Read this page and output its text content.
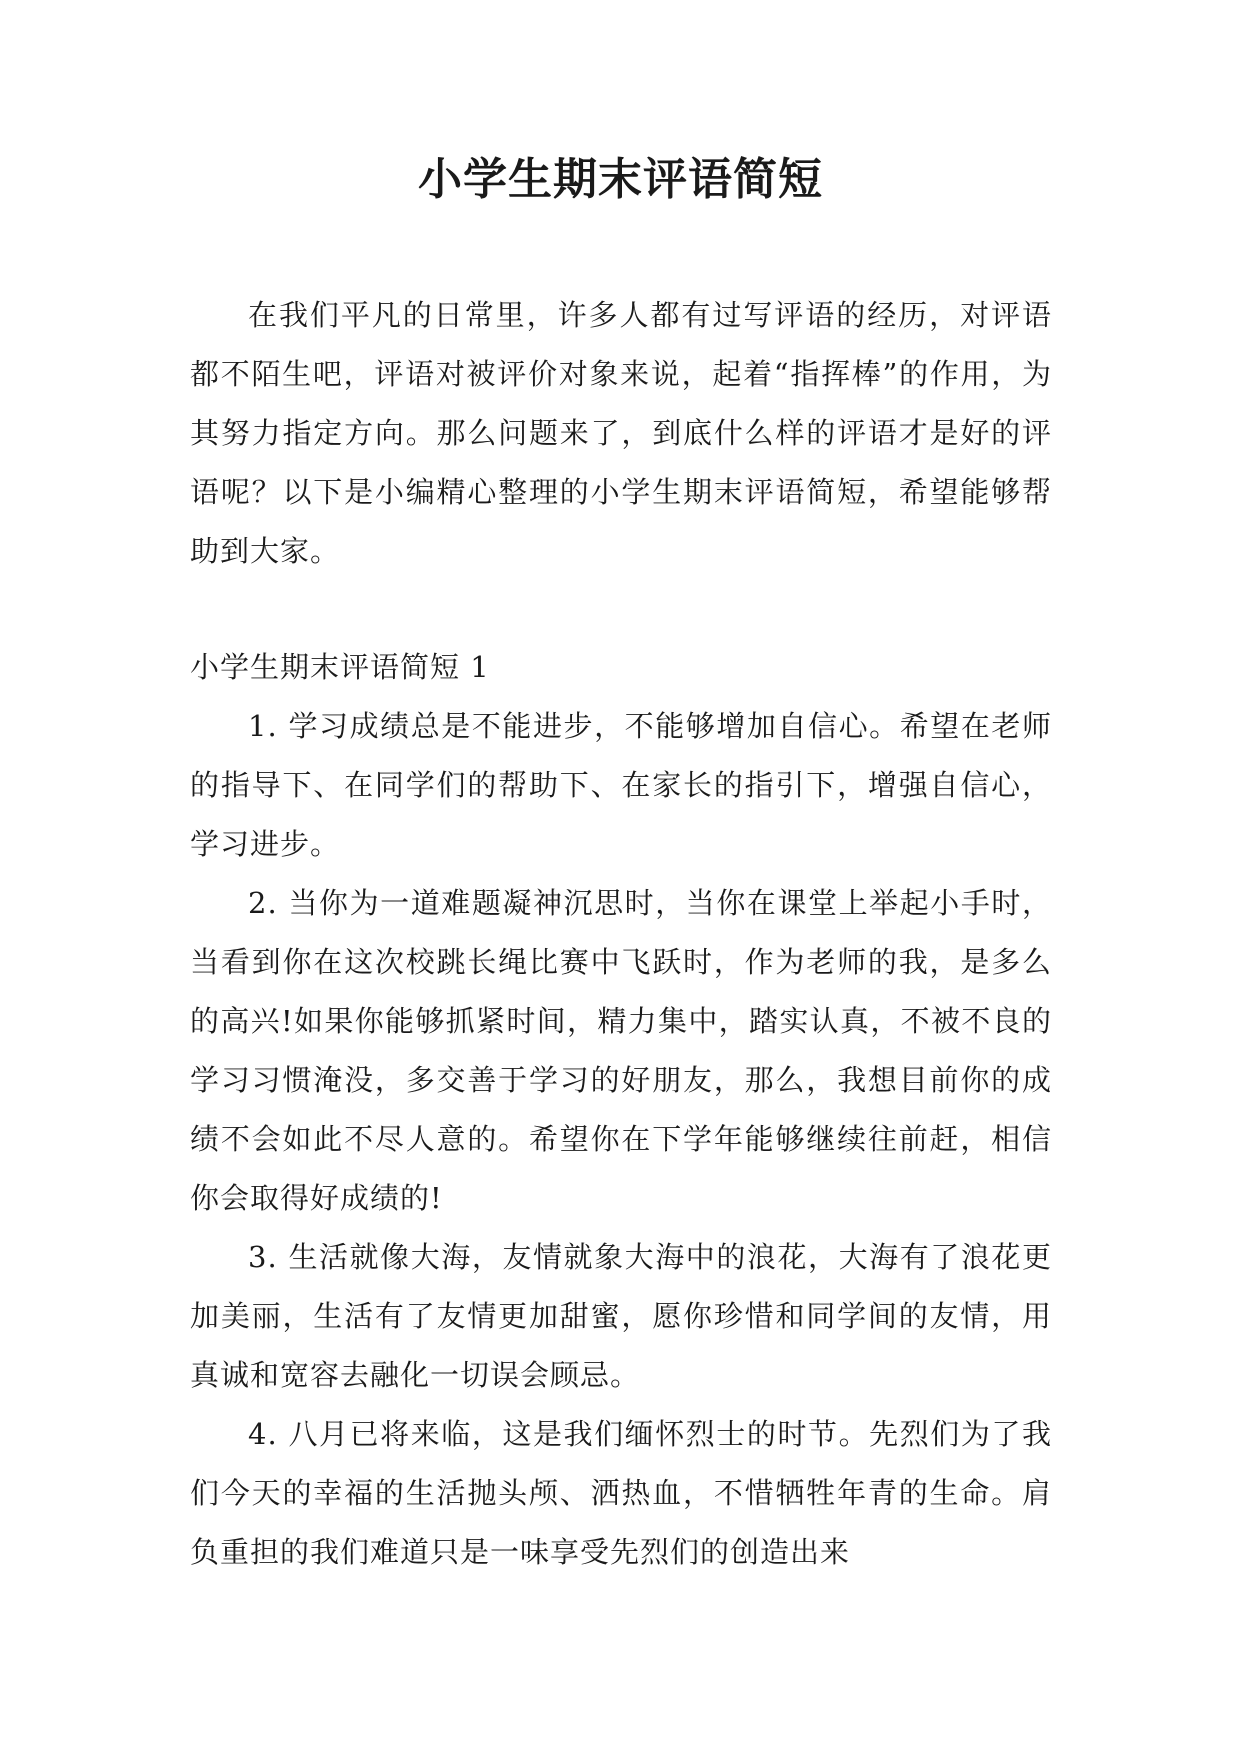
小学生期末评语简短

在我们平凡的日常里，许多人都有过写评语的经历，对评语都不陌生吧，评语对被评价对象来说，起着“指挥棒”的作用，为其努力指定方向。那么问题来了，到底什么样的评语才是好的评语呢？以下是小编精心整理的小学生期末评语简短，希望能够帮助到大家。

小学生期末评语简短 1

1. 学习成绩总是不能进步，不能够增加自信心。希望在老师的指导下、在同学们的帮助下、在家长的指引下，增强自信心，学习进步。

2. 当你为一道难题凝神沉思时，当你在课堂上举起小手时，当看到你在这次校跳长绳比赛中飞跃时，作为老师的我，是多么的高兴!如果你能够抓紧时间，精力集中，踏实认真，不被不良的学习习惯淹没，多交善于学习的好朋友，那么，我想目前你的成绩不会如此不尽人意的。希望你在下学年能够继续往前赶，相信你会取得好成绩的!

3. 生活就像大海，友情就象大海中的浪花，大海有了浪花更加美丽，生活有了友情更加甜蜜，愿你珍惜和同学间的友情，用真诚和宽容去融化一切误会顾忌。

4. 八月已将来临，这是我们缅怀烈士的时节。先烈们为了我们今天的幸福的生活抛头颅、洒热血，不惜牺牲年青的生命。肩负重担的我们难道只是一味享受先烈们的创造出来
